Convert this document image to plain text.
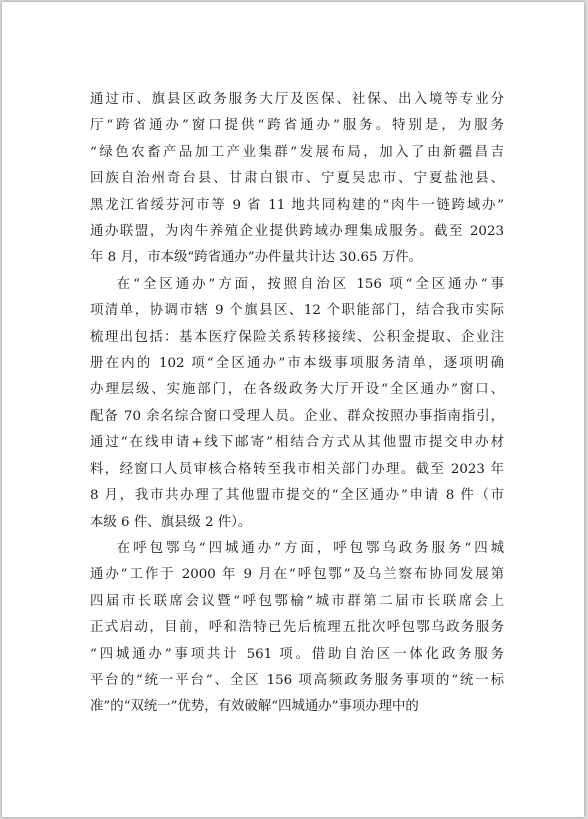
通过市、旗县区政务服务大厅及医保、社保、出入境等专业分
厅“跨省通办”窗口提供“跨省通办”服务。特别是，为服务
“绿色农畜产品加工产业集群”发展布局，加入了由新疆昌吉
回族自治州奇台县、甘肃白银市、宁夏吴忠市、宁夏盐池县、
黑龙江省绥芬河市等 9 省 11 地共同构建的“肉牛一链跨域办”
通办联盟，为肉牛养殖企业提供跨域办理集成服务。截至 2023
年 8 月，市本级“跨省通办”办件量共计达 30.65 万件。
在“全区通办”方面，按照自治区 156 项“全区通办”事
项清单，协调市辖 9 个旗县区、12 个职能部门，结合我市实际
梳理出包括：基本医疗保险关系转移接续、公积金提取、企业注
册在内的 102 项“全区通办”市本级事项服务清单，逐项明确
办理层级、实施部门，在各级政务大厅开设“全区通办”窗口、
配备 70 余名综合窗口受理人员。企业、群众按照办事指南指引，
通过“在线申请+线下邮寄”相结合方式从其他盟市提交申办材
料，经窗口人员审核合格转至我市相关部门办理。截至 2023 年
8 月，我市共办理了其他盟市提交的“全区通办”申请 8 件（市
本级 6 件、旗县级 2 件）。
在呼包鄂乌“四城通办”方面，呼包鄂乌政务服务“四城
通办”工作于 2000 年 9 月在“呼包鄂”及乌兰察布协同发展第
四届市长联席会议暨“呼包鄂榆”城市群第二届市长联席会上
正式启动，目前，呼和浩特已先后梳理五批次呼包鄂乌政务服务
“四城通办”事项共计 561 项。借助自治区一体化政务服务
平台的“统一平台”、全区 156 项高频政务服务事项的“统一标
准”的“双统一”优势，有效破解“四城通办”事项办理中的
